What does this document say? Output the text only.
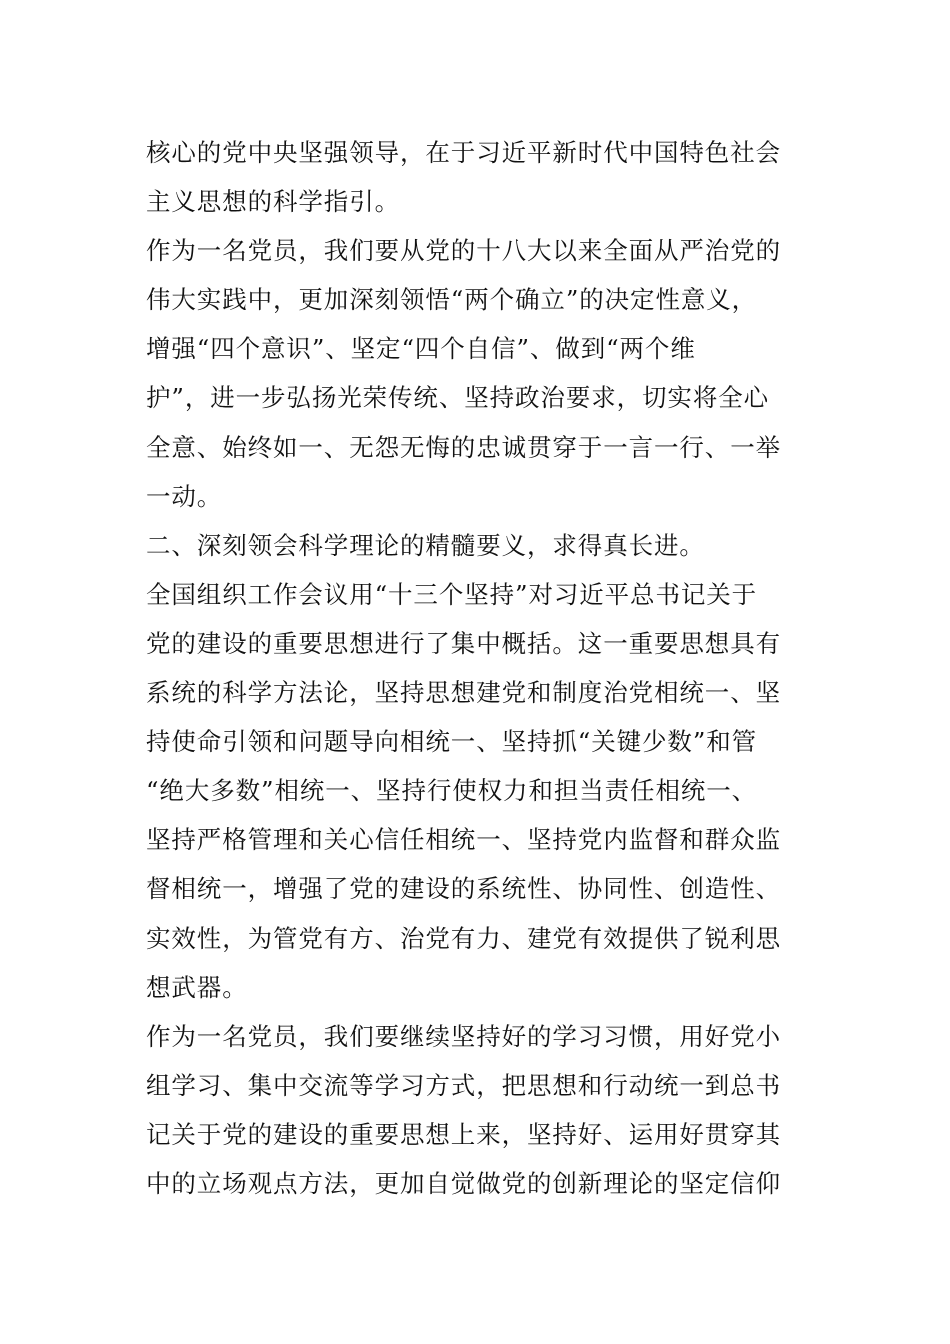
核心的党中央坚强领导，在于习近平新时代中国特色社会
主义思想的科学指引。
作为一名党员，我们要从党的十八大以来全面从严治党的
伟大实践中，更加深刻领悟“两个确立”的决定性意义，
增强“四个意识”、坚定“四个自信”、做到“两个维
护”，进一步弘扬光荣传统、坚持政治要求，切实将全心
全意、始终如一、无怨无悔的忠诚贯穿于一言一行、一举
一动。
二、深刻领会科学理论的精髓要义，求得真长进。
全国组织工作会议用“十三个坚持”对习近平总书记关于
党的建设的重要思想进行了集中概括。这一重要思想具有
系统的科学方法论，坚持思想建党和制度治党相统一、坚
持使命引领和问题导向相统一、坚持抓“关键少数”和管
“绝大多数”相统一、坚持行使权力和担当责任相统一、
坚持严格管理和关心信任相统一、坚持党内监督和群众监
督相统一，增强了党的建设的系统性、协同性、创造性、
实效性，为管党有方、治党有力、建党有效提供了锐利思
想武器。
作为一名党员，我们要继续坚持好的学习习惯，用好党小
组学习、集中交流等学习方式，把思想和行动统一到总书
记关于党的建设的重要思想上来，坚持好、运用好贯穿其
中的立场观点方法，更加自觉做党的创新理论的坚定信仰
